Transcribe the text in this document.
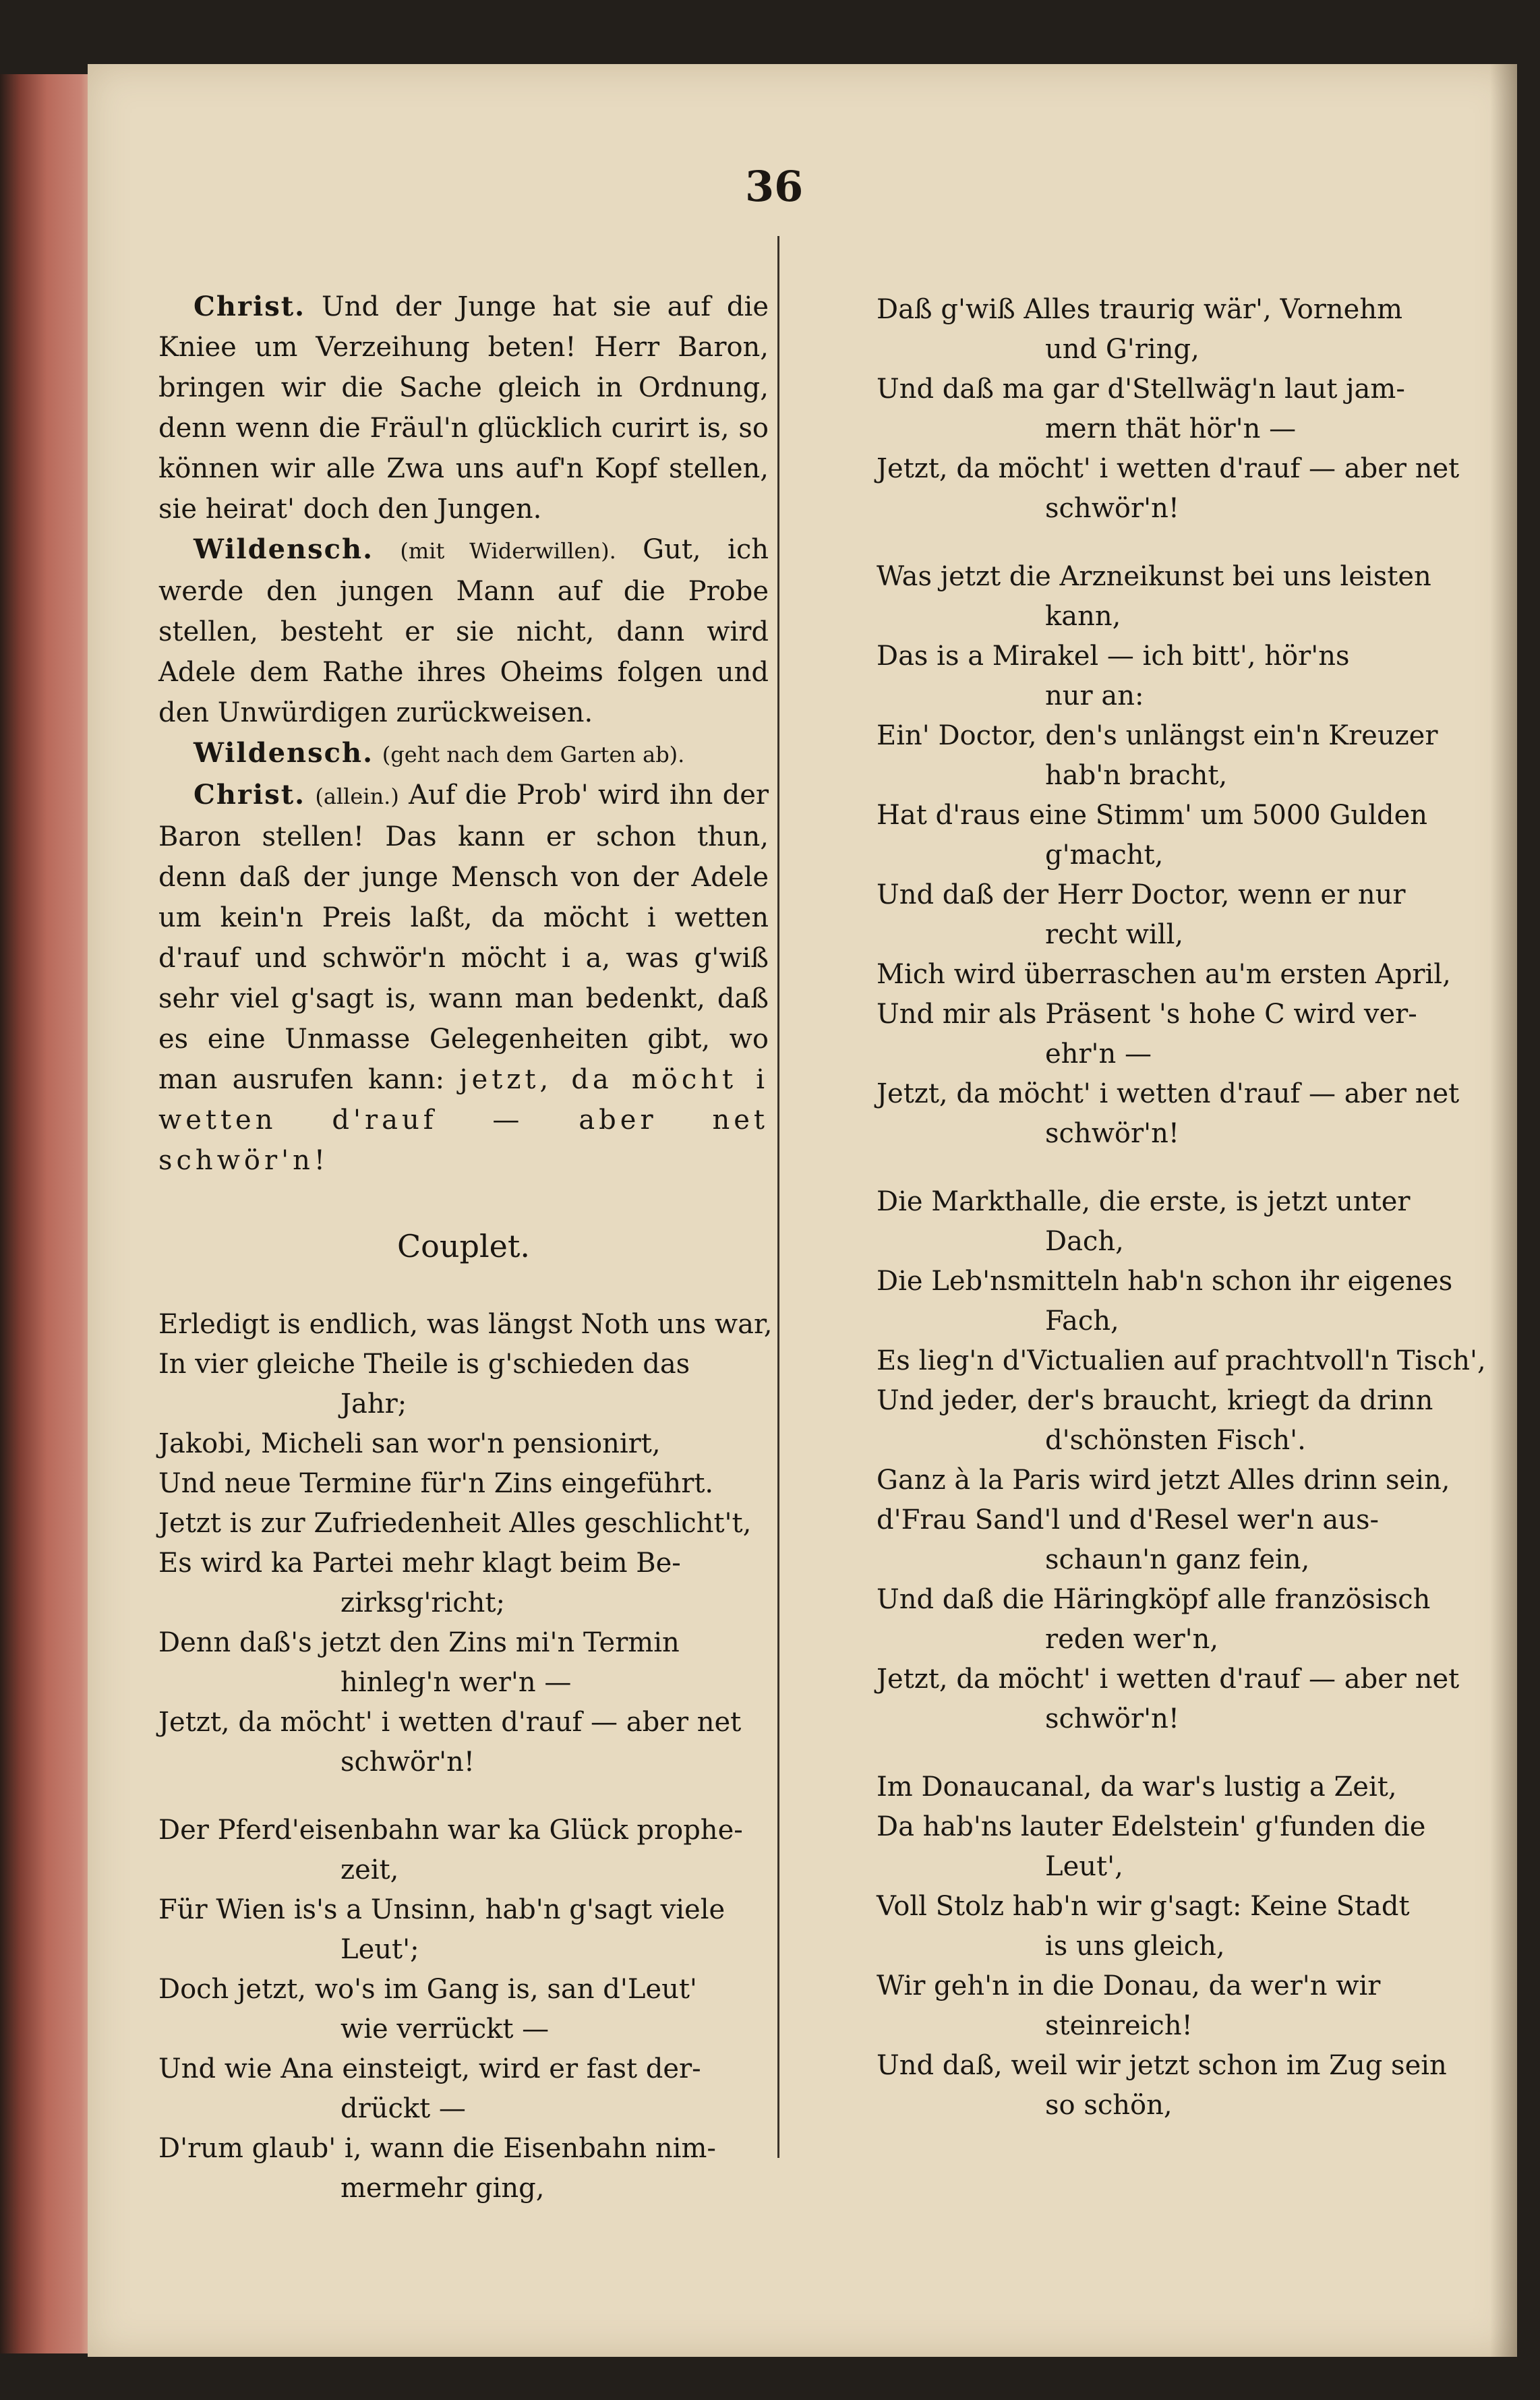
36

Christ. Und der Junge hat sie auf die Kniee um Verzeihung beten! Herr Baron, bringen wir die Sache gleich in Ordnung, denn wenn die Fräul'n glücklich curirt is, so können wir alle Zwa uns auf'n Kopf stellen, sie heirat' doch den Jungen.

Wildensch. (mit Widerwillen). Gut, ich werde den jungen Mann auf die Probe stellen, besteht er sie nicht, dann wird Adele dem Rathe ihres Oheims folgen und den Unwürdigen zurückweisen.

Wildensch. (geht nach dem Garten ab).

Christ. (allein.) Auf die Prob' wird ihn der Baron stellen! Das kann er schon thun, denn daß der junge Mensch von der Adele um kein'n Preis laßt, da möcht i wetten d'rauf und schwör'n möcht i a, was g'wiß sehr viel g'sagt is, wann man bedenkt, daß es eine Unmasse Gelegenheiten gibt, wo man ausrufen kann: jetzt, da möcht i wetten d'rauf — aber net schwör'n!

Couplet.
Erledigt is endlich, was längst Noth uns war,
In vier gleiche Theile is g'schieden das
Jahr;
Jakobi, Micheli san wor'n pensionirt,
Und neue Termine für'n Zins eingeführt.
Jetzt is zur Zufriedenheit Alles geschlicht't,
Es wird ka Partei mehr klagt beim Be-
zirksg'richt;
Denn daß's jetzt den Zins mi'n Termin
hinleg'n wer'n —
Jetzt, da möcht' i wetten d'rauf — aber net
schwör'n!
Der Pferd'eisenbahn war ka Glück prophe-
zeit,
Für Wien is's a Unsinn, hab'n g'sagt viele
Leut';
Doch jetzt, wo's im Gang is, san d'Leut'
wie verrückt —
Und wie Ana einsteigt, wird er fast der-
drückt —
D'rum glaub' i, wann die Eisenbahn nim-
mermehr ging,
Daß g'wiß Alles traurig wär', Vornehm
und G'ring,
Und daß ma gar d'Stellwäg'n laut jam-
mern thät hör'n —
Jetzt, da möcht' i wetten d'rauf — aber net
schwör'n!
Was jetzt die Arzneikunst bei uns leisten
kann,
Das is a Mirakel — ich bitt', hör'ns
nur an:
Ein' Doctor, den's unlängst ein'n Kreuzer
hab'n bracht,
Hat d'raus eine Stimm' um 5000 Gulden
g'macht,
Und daß der Herr Doctor, wenn er nur
recht will,
Mich wird überraschen au'm ersten April,
Und mir als Präsent 's hohe C wird ver-
ehr'n —
Jetzt, da möcht' i wetten d'rauf — aber net
schwör'n!
Die Markthalle, die erste, is jetzt unter
Dach,
Die Leb'nsmitteln hab'n schon ihr eigenes
Fach,
Es lieg'n d'Victualien auf prachtvoll'n Tisch',
Und jeder, der's braucht, kriegt da drinn
d'schönsten Fisch'.
Ganz à la Paris wird jetzt Alles drinn sein,
d'Frau Sand'l und d'Resel wer'n aus-
schaun'n ganz fein,
Und daß die Häringköpf alle französisch
reden wer'n,
Jetzt, da möcht' i wetten d'rauf — aber net
schwör'n!
Im Donaucanal, da war's lustig a Zeit,
Da hab'ns lauter Edelstein' g'funden die
Leut',
Voll Stolz hab'n wir g'sagt: Keine Stadt
is uns gleich,
Wir geh'n in die Donau, da wer'n wir
steinreich!
Und daß, weil wir jetzt schon im Zug sein
so schön,
